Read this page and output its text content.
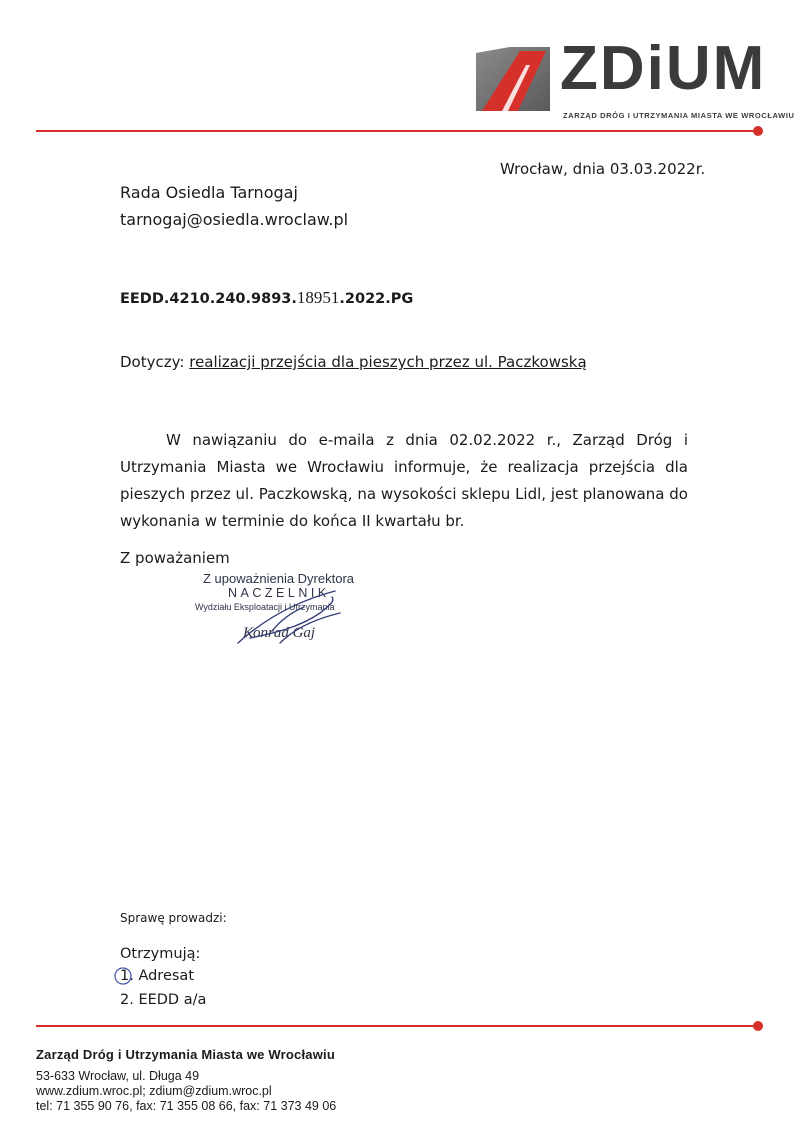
ZDiUM
ZARZĄD DRÓG I UTRZYMANIA MIASTA WE WROCŁAWIU
Wrocław, dnia 03.03.2022r.
Rada Osiedla Tarnogaj
tarnogaj@osiedla.wroclaw.pl
EEDD.4210.240.9893.18951.2022.PG
Dotyczy: realizacji przejścia dla pieszych przez ul. Paczkowską

W nawiązaniu do e-maila z dnia 02.02.2022 r., Zarząd Dróg i Utrzymania Miasta we Wrocławiu informuje, że realizacja przejścia dla pieszych przez ul. Paczkowską, na wysokości sklepu Lidl, jest planowana do wykonania w terminie do końca II kwartału br.

Z poważaniem
Z upoważnienia Dyrektora
NACZELNIK
Wydziału Eksploatacji i Utrzymania
Konrad Gaj
Sprawę prowadzi:
Otrzymują:
1. Adresat
2. EEDD a/a
Zarząd Dróg i Utrzymania Miasta we Wrocławiu
53-633 Wrocław, ul. Długa 49
www.zdium.wroc.pl; zdium@zdium.wroc.pl
tel: 71 355 90 76, fax: 71 355 08 66, fax: 71 373 49 06
